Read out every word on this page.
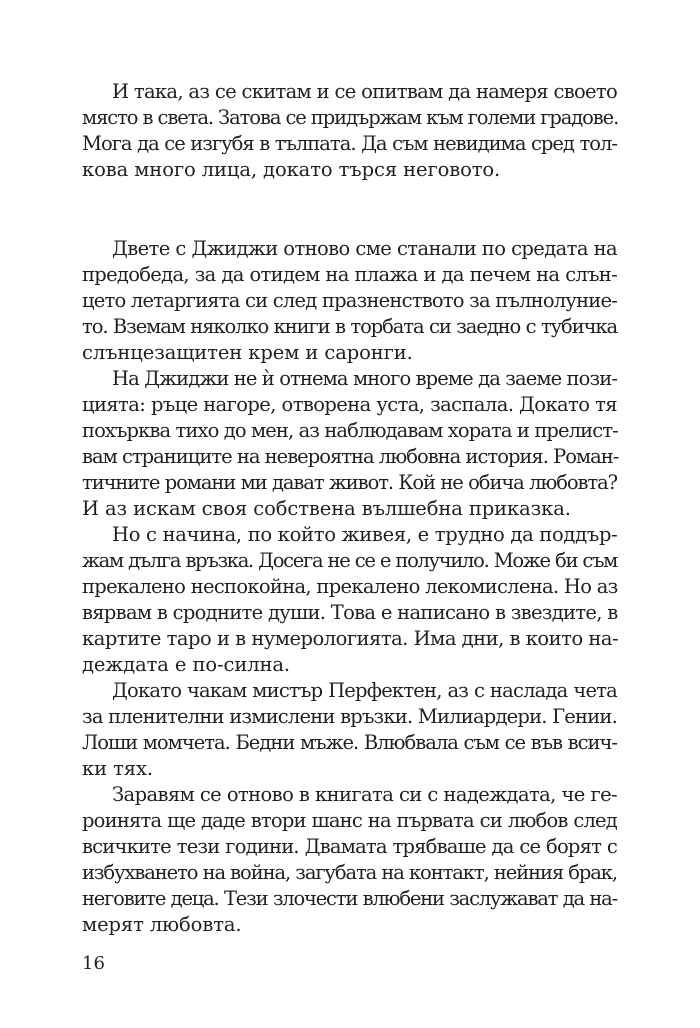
И така, аз се скитам и се опитвам да намеря своето
място в света. Затова се придържам към големи градове.
Мога да се изгубя в тълпата. Да съм невидима сред тол-
кова много лица, докато търся неговото.
Двете с Джиджи отново сме станали по средата на
предобеда, за да отидем на плажа и да печем на слън-
цето летаргията си след празненството за пълнолуние-
то. Вземам няколко книги в торбата си заедно с тубичка
слънцезащитен крем и саронги.
На Джиджи не ѝ отнема много време да заеме пози-
цията: ръце нагоре, отворена уста, заспала. Докато тя
похърква тихо до мен, аз наблюдавам хората и прелист-
вам страниците на невероятна любовна история. Роман-
тичните романи ми дават живот. Кой не обича любовта?
И аз искам своя собствена вълшебна приказка.
Но с начина, по който живея, е трудно да поддър-
жам дълга връзка. Досега не се е получило. Може би съм
прекалено неспокойна, прекалено лекомислена. Но аз
вярвам в сродните души. Това е написано в звездите, в
картите таро и в нумерологията. Има дни, в които на-
деждата е по-силна.
Докато чакам мистър Перфектен, аз с наслада чета
за пленителни измислени връзки. Милиардери. Гении.
Лоши момчета. Бедни мъже. Влюбвала съм се във всич-
ки тях.
Заравям се отново в книгата си с надеждата, че ге-
роинята ще даде втори шанс на първата си любов след
всичките тези години. Двамата трябваше да се борят с
избухването на война, загубата на контакт, нейния брак,
неговите деца. Тези злочести влюбени заслужават да на-
мерят любовта.
16
